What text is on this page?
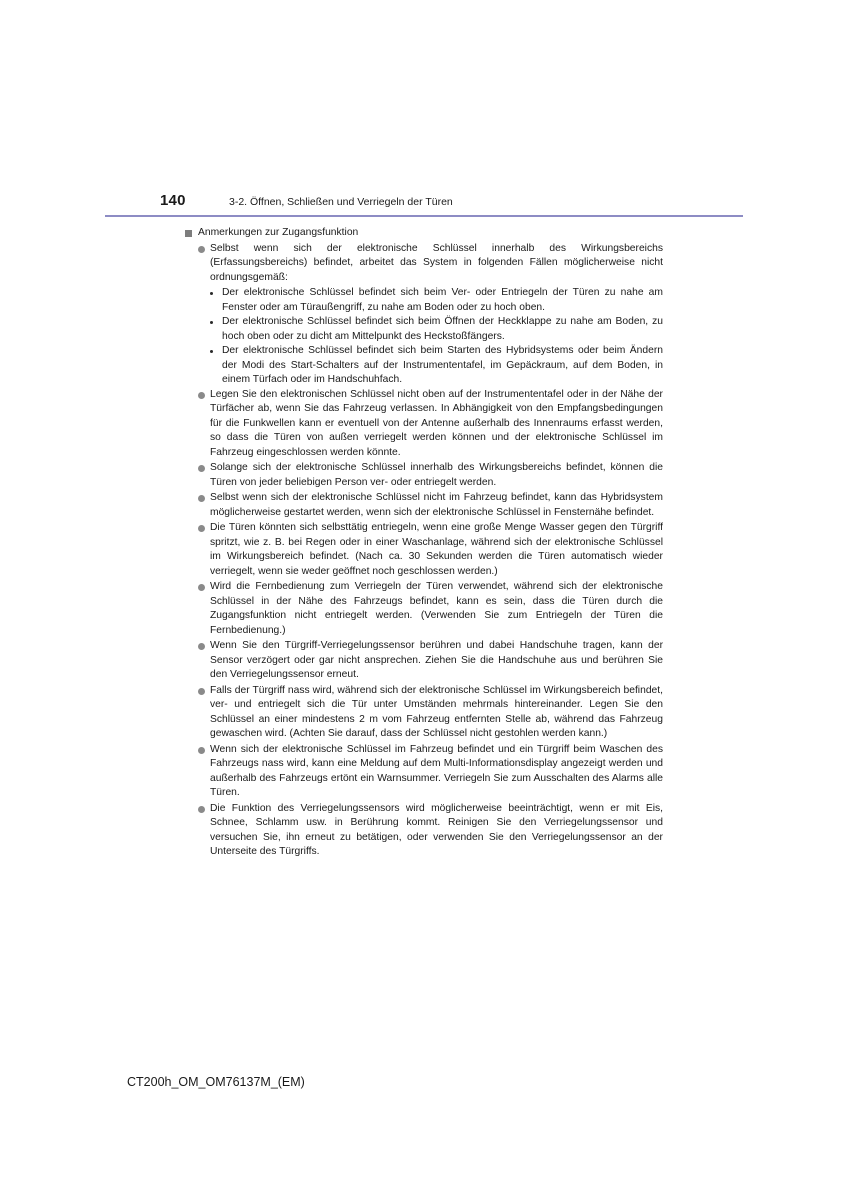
140	3-2. Öffnen, Schließen und Verriegeln der Türen
Anmerkungen zur Zugangsfunktion
Selbst wenn sich der elektronische Schlüssel innerhalb des Wirkungsbereichs (Erfassungsbereichs) befindet, arbeitet das System in folgenden Fällen möglicherweise nicht ordnungsgemäß:
Der elektronische Schlüssel befindet sich beim Ver- oder Entriegeln der Türen zu nahe am Fenster oder am Türaußengriff, zu nahe am Boden oder zu hoch oben.
Der elektronische Schlüssel befindet sich beim Öffnen der Heckklappe zu nahe am Boden, zu hoch oben oder zu dicht am Mittelpunkt des Heckstoßfängers.
Der elektronische Schlüssel befindet sich beim Starten des Hybridsystems oder beim Ändern der Modi des Start-Schalters auf der Instrumententafel, im Gepäckraum, auf dem Boden, in einem Türfach oder im Handschuhfach.
Legen Sie den elektronischen Schlüssel nicht oben auf der Instrumententafel oder in der Nähe der Türfächer ab, wenn Sie das Fahrzeug verlassen. In Abhängigkeit von den Empfangsbedingungen für die Funkwellen kann er eventuell von der Antenne außerhalb des Innenraums erfasst werden, so dass die Türen von außen verriegelt werden können und der elektronische Schlüssel im Fahrzeug eingeschlossen werden könnte.
Solange sich der elektronische Schlüssel innerhalb des Wirkungsbereichs befindet, können die Türen von jeder beliebigen Person ver- oder entriegelt werden.
Selbst wenn sich der elektronische Schlüssel nicht im Fahrzeug befindet, kann das Hybridsystem möglicherweise gestartet werden, wenn sich der elektronische Schlüssel in Fensternähe befindet.
Die Türen könnten sich selbsttätig entriegeln, wenn eine große Menge Wasser gegen den Türgriff spritzt, wie z. B. bei Regen oder in einer Waschanlage, während sich der elektronische Schlüssel im Wirkungsbereich befindet. (Nach ca. 30 Sekunden werden die Türen automatisch wieder verriegelt, wenn sie weder geöffnet noch geschlossen werden.)
Wird die Fernbedienung zum Verriegeln der Türen verwendet, während sich der elektronische Schlüssel in der Nähe des Fahrzeugs befindet, kann es sein, dass die Türen durch die Zugangsfunktion nicht entriegelt werden. (Verwenden Sie zum Entriegeln der Türen die Fernbedienung.)
Wenn Sie den Türgriff-Verriegelungssensor berühren und dabei Handschuhe tragen, kann der Sensor verzögert oder gar nicht ansprechen. Ziehen Sie die Handschuhe aus und berühren Sie den Verriegelungssensor erneut.
Falls der Türgriff nass wird, während sich der elektronische Schlüssel im Wirkungsbereich befindet, ver- und entriegelt sich die Tür unter Umständen mehrmals hintereinander. Legen Sie den Schlüssel an einer mindestens 2 m vom Fahrzeug entfernten Stelle ab, während das Fahrzeug gewaschen wird. (Achten Sie darauf, dass der Schlüssel nicht gestohlen werden kann.)
Wenn sich der elektronische Schlüssel im Fahrzeug befindet und ein Türgriff beim Waschen des Fahrzeugs nass wird, kann eine Meldung auf dem Multi-Informationsdisplay angezeigt werden und außerhalb des Fahrzeugs ertönt ein Warnsummer. Verriegeln Sie zum Ausschalten des Alarms alle Türen.
Die Funktion des Verriegelungssensors wird möglicherweise beeinträchtigt, wenn er mit Eis, Schnee, Schlamm usw. in Berührung kommt. Reinigen Sie den Verriegelungssensor und versuchen Sie, ihn erneut zu betätigen, oder verwenden Sie den Verriegelungssensor an der Unterseite des Türgriffs.
CT200h_OM_OM76137M_(EM)
